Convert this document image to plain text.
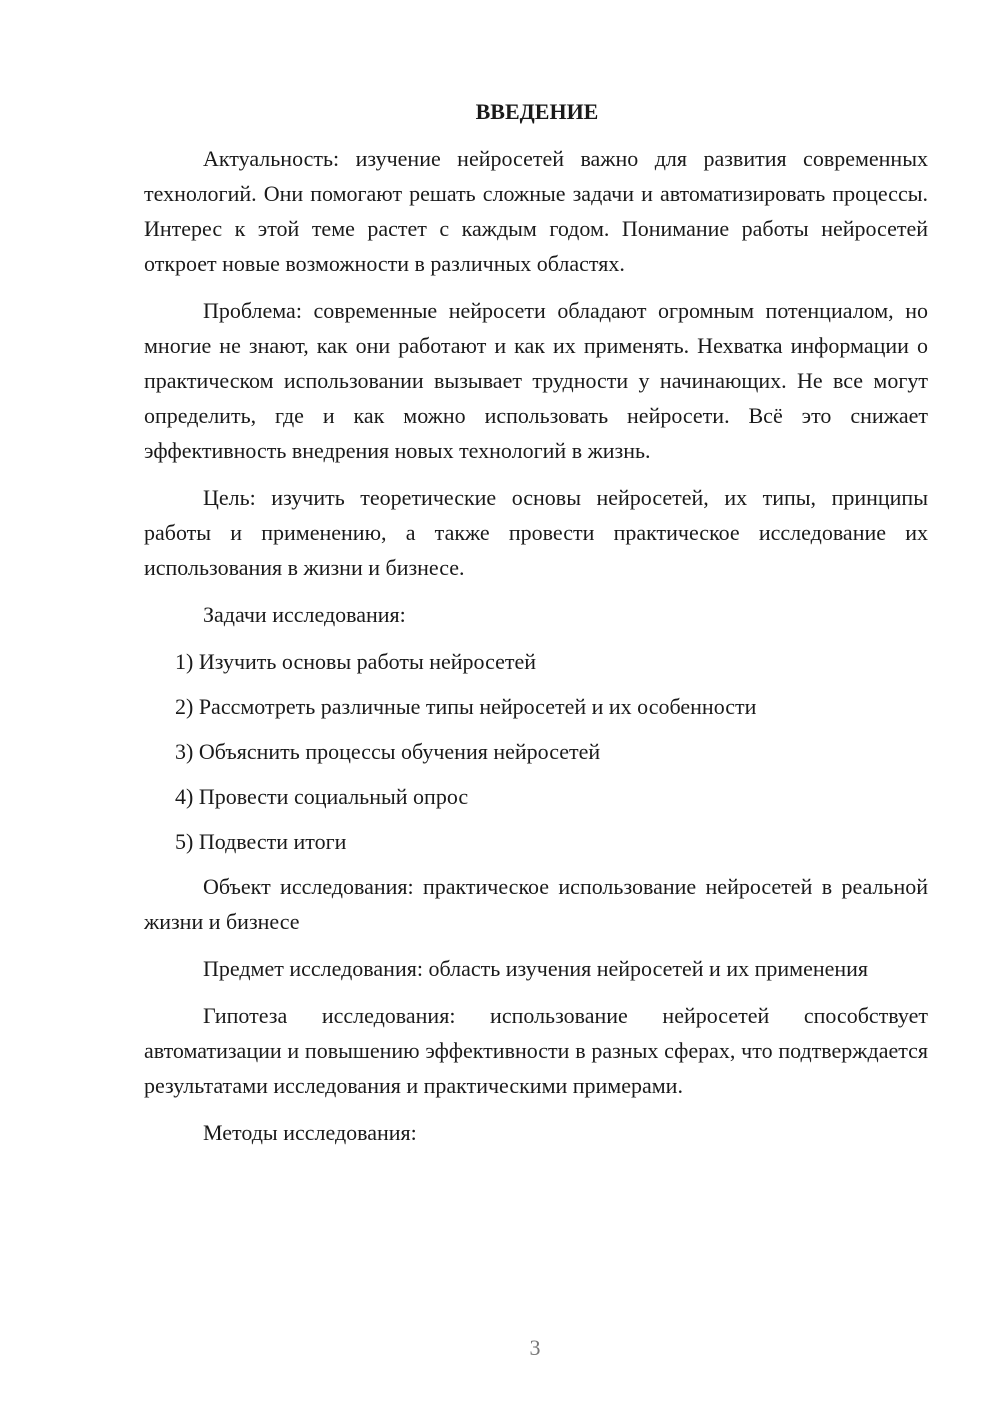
ВВЕДЕНИЕ

Актуальность: изучение нейросетей важно для развития современных технологий. Они помогают решать сложные задачи и автоматизировать процессы. Интерес к этой теме растет с каждым годом. Понимание работы нейросетей откроет новые возможности в различных областях.

Проблема: современные нейросети обладают огромным потенциалом, но многие не знают, как они работают и как их применять. Нехватка информации о практическом использовании вызывает трудности у начинающих. Не все могут определить, где и как можно использовать нейросети. Всё это снижает эффективность внедрения новых технологий в жизнь.

Цель: изучить теоретические основы нейросетей, их типы, принципы работы и применению, а также провести практическое исследование их использования в жизни и бизнесе.

Задачи исследования:

1) Изучить основы работы нейросетей
2) Рассмотреть различные типы нейросетей и их особенности
3) Объяснить процессы обучения нейросетей
4) Провести социальный опрос
5) Подвести итоги

Объект исследования: практическое использование нейросетей в реальной жизни и бизнесе

Предмет исследования: область изучения нейросетей и их применения

Гипотеза исследования: использование нейросетей способствует автоматизации и повышению эффективности в разных сферах, что подтверждается результатами исследования и практическими примерами.

Методы исследования:

3
